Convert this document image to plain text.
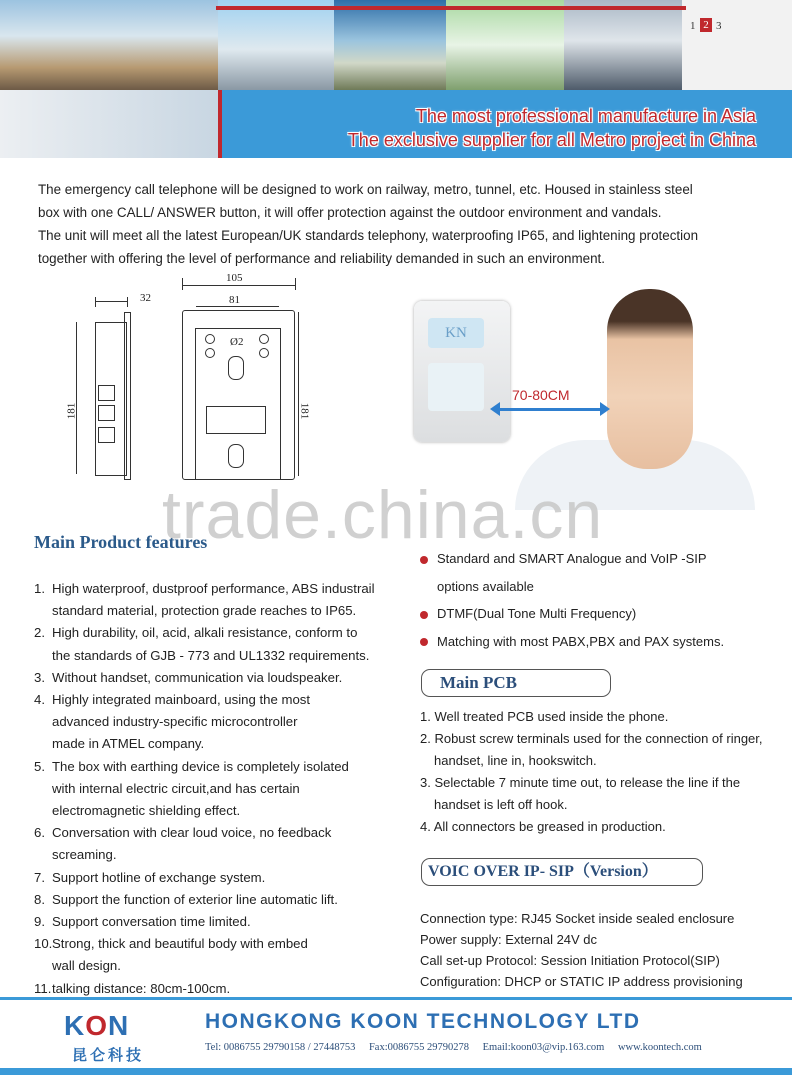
1 2 3
The most professional manufacture in Asia
The exclusive supplier for all Metro project in China
The emergency call telephone will be designed to work on railway, metro, tunnel, etc. Housed in stainless steel
box with one CALL/ ANSWER button, it will offer protection against the outdoor environment and vandals.
The unit will meet all the latest European/UK standards telephony, waterproofing IP65, and lightening protection
together with offering the level of performance and reliability demanded in such an environment.
32
181
105
81
Ø2
181
KN
70-80CM
Main Product features
1. High waterproof, dustproof performance, ABS industrail
standard material, protection grade reaches to IP65.
2. High durability, oil, acid, alkali resistance, conform to
the standards of GJB - 773 and UL1332 requirements.
3. Without handset, communication via loudspeaker.
4. Highly integrated mainboard, using the most
advanced industry-specific microcontroller
made in ATMEL company.
5. The box with earthing device is completely isolated
with internal electric circuit,and has certain
electromagnetic shielding effect.
6. Conversation with clear loud voice, no feedback
screaming.
7. Support hotline of exchange system.
8. Support the function of exterior line automatic lift.
9. Support conversation time limited.
10.Strong, thick and beautiful body with embed
wall design.
11.talking distance: 80cm-100cm.
Standard and SMART Analogue and VoIP -SIP
options available
DTMF(Dual Tone Multi Frequency)
Matching with most PABX,PBX and PAX systems.
Main PCB
1. Well treated PCB used inside the phone.
2. Robust screw terminals used for the connection of ringer,
handset, line in, hookswitch.
3. Selectable 7 minute time out, to release the line if the
handset is left off hook.
4. All connectors be greased in production.
VOIC OVER IP- SIP（Version）
Connection type: RJ45 Socket inside sealed enclosure
Power supply: External 24V dc
Call set-up Protocol: Session Initiation Protocol(SIP)
Configuration: DHCP or STATIC IP address provisioning
trade.china.cn
KON
昆仑科技
HONGKONG KOON TECHNOLOGY LTD
Tel: 0086755 29790158 / 27448753 Fax:0086755 29790278 Email:koon03@vip.163.com www.koontech.com
